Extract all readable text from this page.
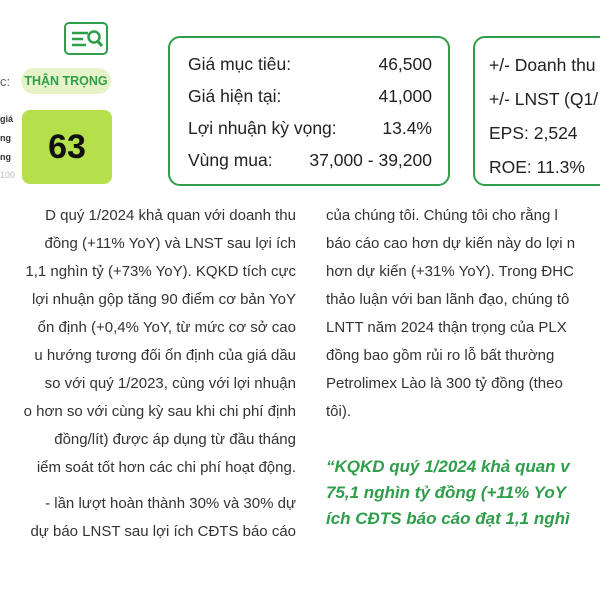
c: THẬN TRỌNG
63
giá
ng
ng
100
Giá mục tiêu:	46,500
Giá hiện tại:	41,000
Lợi nhuận kỳ vọng:	13.4%
Vùng mua: 37,000 - 39,200
+/- Doanh thu
+/- LNST (Q1/
EPS: 2,524
ROE: 11.3%
D quý 1/2024 khả quan với doanh thu
đồng (+11% YoY) và LNST sau lợi ích
1,1 nghìn tỷ (+73% YoY). KQKD tích cực
lợi nhuận gộp tăng 90 điểm cơ bản YoY
ổn định (+0,4% YoY, từ mức cơ sở cao
u hướng tương đối ổn định của giá dầu
so với quý 1/2023, cùng với lợi nhuận
o hơn so với cùng kỳ sau khi chi phí định
đồng/lít) được áp dụng từ đầu tháng
iểm soát tốt hơn các chi phí hoạt động.
- lần lượt hoàn thành 30% và 30% dự
dự báo LNST sau lợi ích CĐTS báo cáo
của chúng tôi. Chúng tôi cho rằng l
báo cáo cao hơn dự kiến này do lợi n
hơn dự kiến (+31% YoY). Trong ĐHC
thảo luận với ban lãnh đạo, chúng tô
LNTT năm 2024 thận trọng của PLX
đồng bao gồm rủi ro lỗ bất thường
Petrolimex Lào là 300 tỷ đồng (theo
tôi).
“KQKD quý 1/2024 khả quan v
75,1 nghìn tỷ đồng (+11% YoY
ích CĐTS báo cáo đạt 1,1 nghì
